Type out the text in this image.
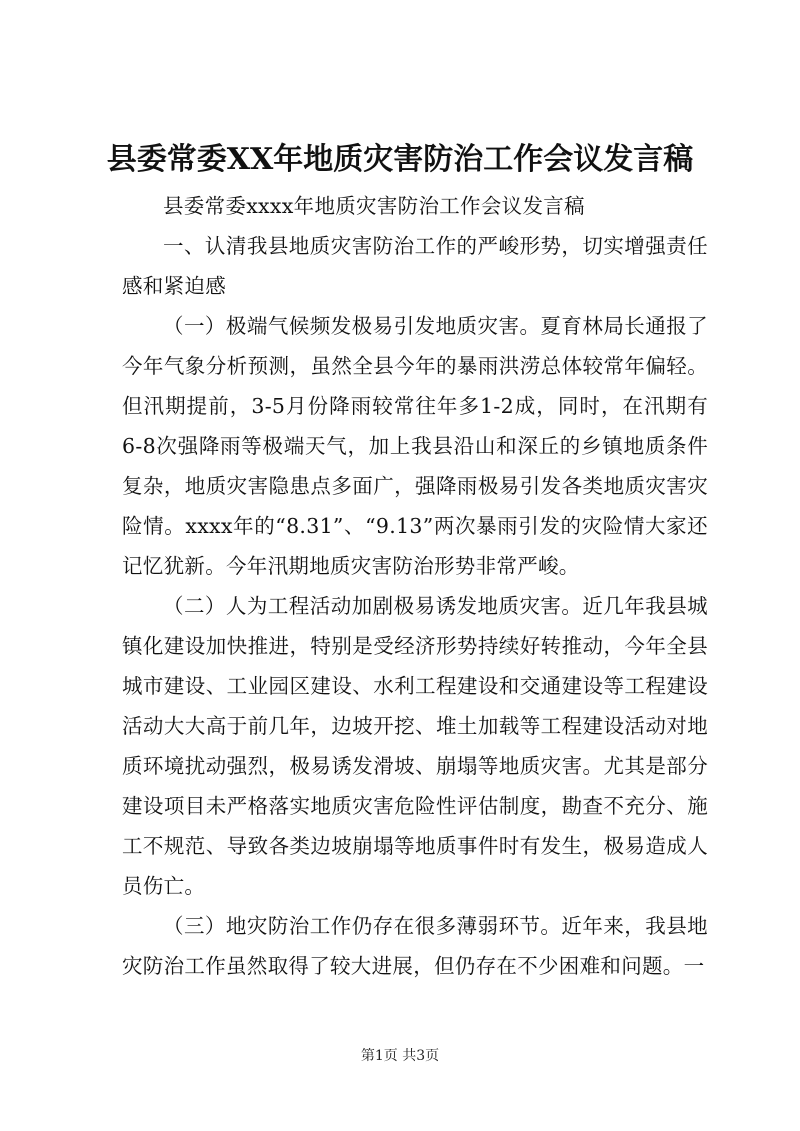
县委常委XX年地质灾害防治工作会议发言稿

县委常委xxxx年地质灾害防治工作会议发言稿

一、认清我县地质灾害防治工作的严峻形势，切实增强责任感和紧迫感

（一）极端气候频发极易引发地质灾害。夏育林局长通报了今年气象分析预测，虽然全县今年的暴雨洪涝总体较常年偏轻。但汛期提前，3-5月份降雨较常往年多1-2成，同时，在汛期有6-8次强降雨等极端天气，加上我县沿山和深丘的乡镇地质条件复杂，地质灾害隐患点多面广，强降雨极易引发各类地质灾害灾险情。xxxx年的“8.31”、“9.13”两次暴雨引发的灾险情大家还记忆犹新。今年汛期地质灾害防治形势非常严峻。

（二）人为工程活动加剧极易诱发地质灾害。近几年我县城镇化建设加快推进，特别是受经济形势持续好转推动，今年全县城市建设、工业园区建设、水利工程建设和交通建设等工程建设活动大大高于前几年，边坡开挖、堆土加载等工程建设活动对地质环境扰动强烈，极易诱发滑坡、崩塌等地质灾害。尤其是部分建设项目未严格落实地质灾害危险性评估制度，勘查不充分、施工不规范、导致各类边坡崩塌等地质事件时有发生，极易造成人员伤亡。

（三）地灾防治工作仍存在很多薄弱环节。近年来，我县地灾防治工作虽然取得了较大进展，但仍存在不少困难和问题。一

第1页 共3页
